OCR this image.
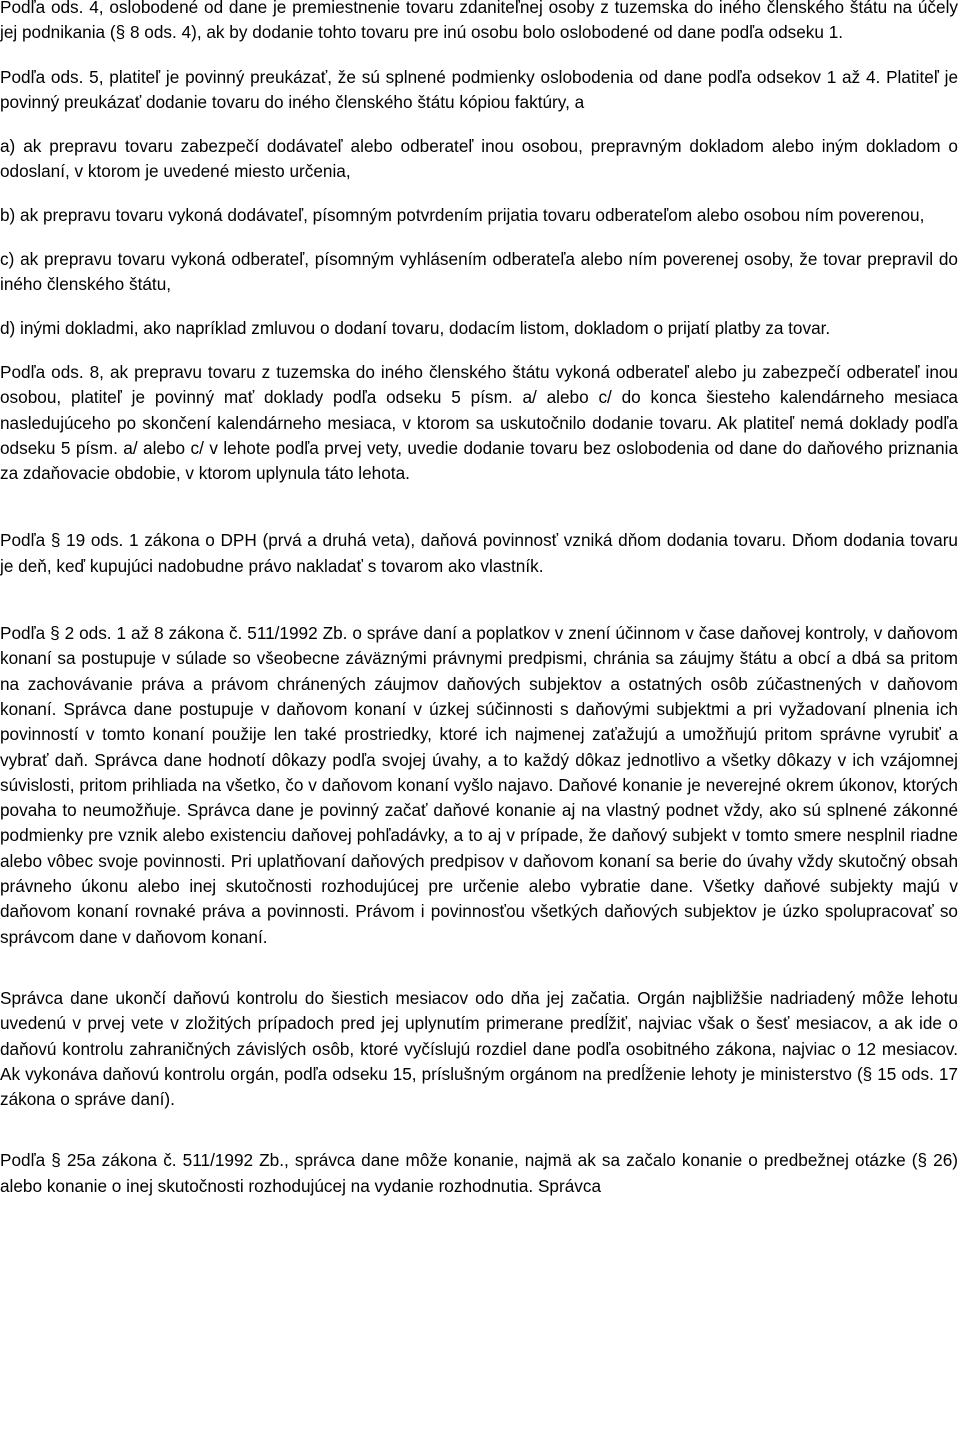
Podľa ods. 4, oslobodené od dane je premiestnenie tovaru zdaniteľnej osoby z tuzemska do iného členského štátu na účely jej podnikania (§ 8 ods. 4), ak by dodanie tohto tovaru pre inú osobu bolo oslobodené od dane podľa odseku 1.

Podľa ods. 5, platiteľ je povinný preukázať, že sú splnené podmienky oslobodenia od dane podľa odsekov 1 až 4. Platiteľ je povinný preukázať dodanie tovaru do iného členského štátu kópiou faktúry, a

a) ak prepravu tovaru zabezpečí dodávateľ alebo odberateľ inou osobou, prepravným dokladom alebo iným dokladom o odoslaní, v ktorom je uvedené miesto určenia,

b) ak prepravu tovaru vykoná dodávateľ, písomným potvrdením prijatia tovaru odberateľom alebo osobou ním poverenou,

c) ak prepravu tovaru vykoná odberateľ, písomným vyhlásením odberateľa alebo ním poverenej osoby, že tovar prepravil do iného členského štátu,

d) inými dokladmi, ako napríklad zmluvou o dodaní tovaru, dodacím listom, dokladom o prijatí platby za tovar.

Podľa ods. 8, ak prepravu tovaru z tuzemska do iného členského štátu vykoná odberateľ alebo ju zabezpečí odberateľ inou osobou, platiteľ je povinný mať doklady podľa odseku 5 písm. a/ alebo c/ do konca šiesteho kalendárneho mesiaca nasledujúceho po skončení kalendárneho mesiaca, v ktorom sa uskutočnilo dodanie tovaru. Ak platiteľ nemá doklady podľa odseku 5 písm. a/ alebo c/ v lehote podľa prvej vety, uvedie dodanie tovaru bez oslobodenia od dane do daňového priznania za zdaňovacie obdobie, v ktorom uplynula táto lehota.

Podľa § 19 ods. 1 zákona o DPH (prvá a druhá veta), daňová povinnosť vzniká dňom dodania tovaru. Dňom dodania tovaru je deň, keď kupujúci nadobudne právo nakladať s tovarom ako vlastník.

Podľa § 2 ods. 1 až 8 zákona č. 511/1992 Zb. o správe daní a poplatkov v znení účinnom v čase daňovej kontroly, v daňovom konaní sa postupuje v súlade so všeobecne záväznými právnymi predpismi, chránia sa záujmy štátu a obcí a dbá sa pritom na zachovávanie práva a právom chránených záujmov daňových subjektov a ostatných osôb zúčastnených v daňovom konaní. Správca dane postupuje v daňovom konaní v úzkej súčinnosti s daňovými subjektmi a pri vyžadovaní plnenia ich povinností v tomto konaní použije len také prostriedky, ktoré ich najmenej zaťažujú a umožňujú pritom správne vyrubiť a vybrať daň. Správca dane hodnotí dôkazy podľa svojej úvahy, a to každý dôkaz jednotlivo a všetky dôkazy v ich vzájomnej súvislosti, pritom prihliada na všetko, čo v daňovom konaní vyšlo najavo. Daňové konanie je neverejné okrem úkonov, ktorých povaha to neumožňuje. Správca dane je povinný začať daňové konanie aj na vlastný podnet vždy, ako sú splnené zákonné podmienky pre vznik alebo existenciu daňovej pohľadávky, a to aj v prípade, že daňový subjekt v tomto smere nesplnil riadne alebo vôbec svoje povinnosti. Pri uplatňovaní daňových predpisov v daňovom konaní sa berie do úvahy vždy skutočný obsah právneho úkonu alebo inej skutočnosti rozhodujúcej pre určenie alebo vybratie dane. Všetky daňové subjekty majú v daňovom konaní rovnaké práva a povinnosti. Právom i povinnosťou všetkých daňových subjektov je úzko spolupracovať so správcom dane v daňovom konaní.

Správca dane ukončí daňovú kontrolu do šiestich mesiacov odo dňa jej začatia. Orgán najbližšie nadriadený môže lehotu uvedenú v prvej vete v zložitých prípadoch pred jej uplynutím primerane predĺžiť, najviac však o šesť mesiacov, a ak ide o daňovú kontrolu zahraničných závislých osôb, ktoré vyčíslujú rozdiel dane podľa osobitného zákona, najviac o 12 mesiacov. Ak vykonáva daňovú kontrolu orgán, podľa odseku 15, príslušným orgánom na predĺženie lehoty je ministerstvo (§ 15 ods. 17 zákona o správe daní).

Podľa § 25a zákona č. 511/1992 Zb., správca dane môže konanie, najmä ak sa začalo konanie o predbežnej otázke (§ 26) alebo konanie o inej skutočnosti rozhodujúcej na vydanie rozhodnutia. Správca
